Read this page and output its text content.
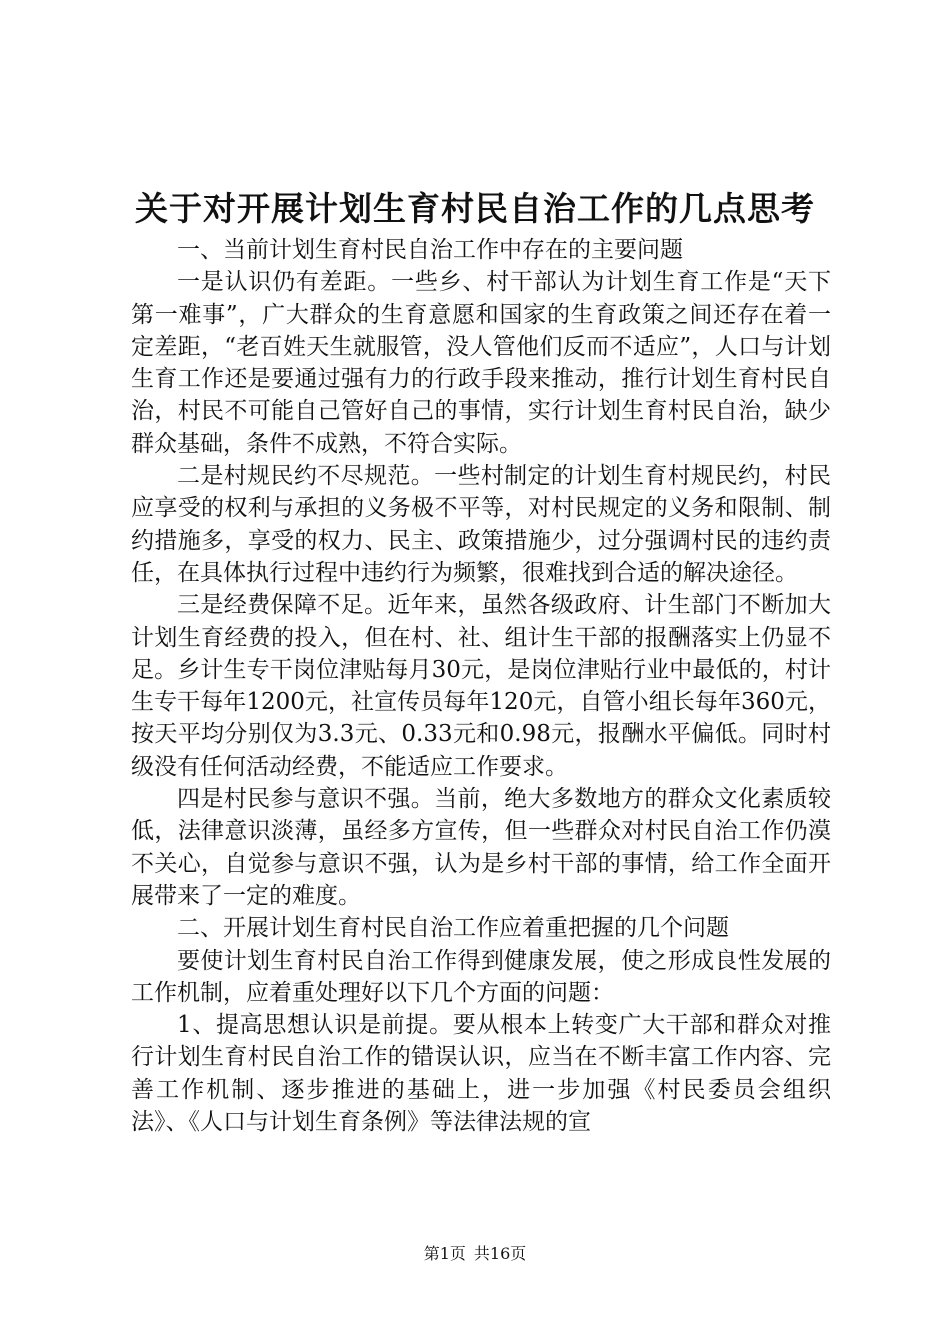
关于对开展计划生育村民自治工作的几点思考

一、当前计划生育村民自治工作中存在的主要问题

一是认识仍有差距。一些乡、村干部认为计划生育工作是“天下第一难事”，广大群众的生育意愿和国家的生育政策之间还存在着一定差距，“老百姓天生就服管，没人管他们反而不适应”，人口与计划生育工作还是要通过强有力的行政手段来推动，推行计划生育村民自治，村民不可能自己管好自己的事情，实行计划生育村民自治，缺少群众基础，条件不成熟，不符合实际。

二是村规民约不尽规范。一些村制定的计划生育村规民约，村民应享受的权利与承担的义务极不平等，对村民规定的义务和限制、制约措施多，享受的权力、民主、政策措施少，过分强调村民的违约责任，在具体执行过程中违约行为频繁，很难找到合适的解决途径。

三是经费保障不足。近年来，虽然各级政府、计生部门不断加大计划生育经费的投入，但在村、社、组计生干部的报酬落实上仍显不足。乡计生专干岗位津贴每月30元，是岗位津贴行业中最低的，村计生专干每年1200元，社宣传员每年120元，自管小组长每年360元，按天平均分别仅为3.3元、0.33元和0.98元，报酬水平偏低。同时村级没有任何活动经费，不能适应工作要求。

四是村民参与意识不强。当前，绝大多数地方的群众文化素质较低，法律意识淡薄，虽经多方宣传，但一些群众对村民自治工作仍漠不关心，自觉参与意识不强，认为是乡村干部的事情，给工作全面开展带来了一定的难度。

二、开展计划生育村民自治工作应着重把握的几个问题

要使计划生育村民自治工作得到健康发展，使之形成良性发展的工作机制，应着重处理好以下几个方面的问题：

1、提高思想认识是前提。要从根本上转变广大干部和群众对推行计划生育村民自治工作的错误认识，应当在不断丰富工作内容、完善工作机制、逐步推进的基础上，进一步加强《村民委员会组织法》、《人口与计划生育条例》等法律法规的宣

第1页 共16页
